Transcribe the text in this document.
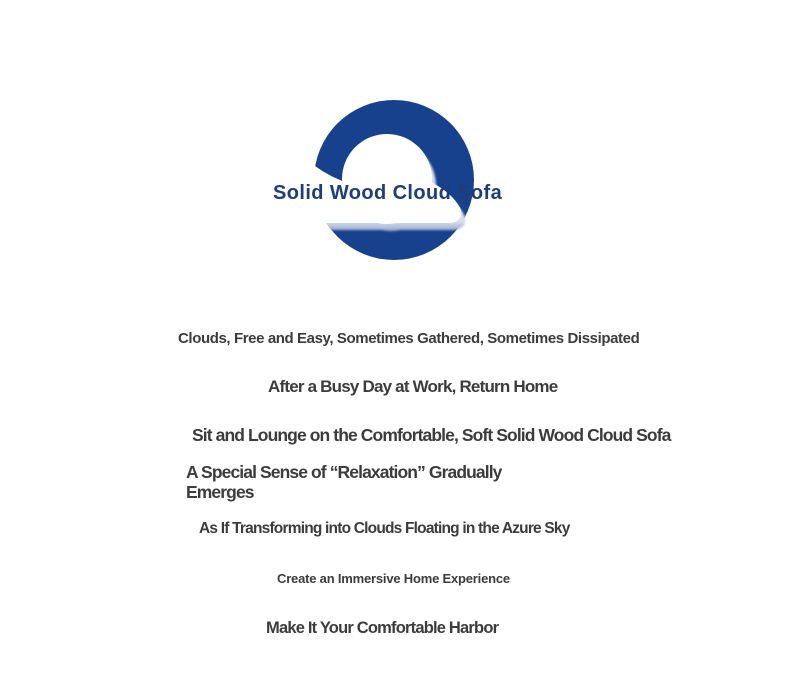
Solid Wood Cloud Sofa
Clouds, Free and Easy, Sometimes Gathered, Sometimes Dissipated
After a Busy Day at Work, Return Home
Sit and Lounge on the Comfortable, Soft Solid Wood Cloud Sofa
A Special Sense of “Relaxation” Gradually
Emerges
As If Transforming into Clouds Floating in the Azure Sky
Create an Immersive Home Experience
Make It Your Comfortable Harbor
